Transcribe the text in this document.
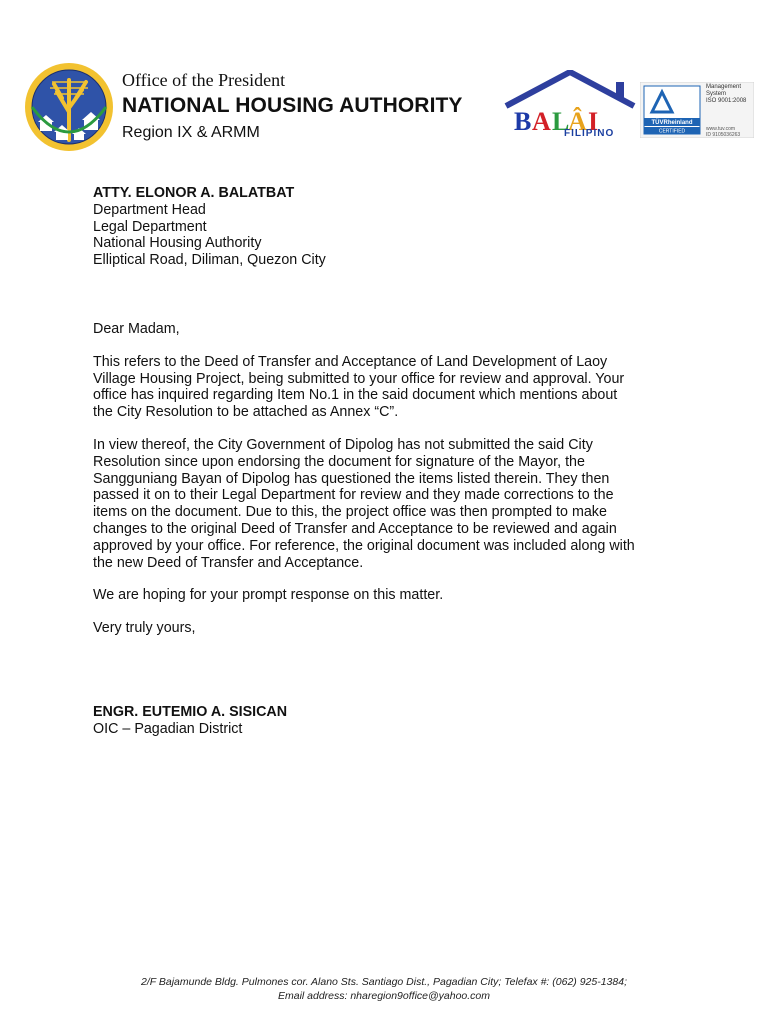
Office of the President
NATIONAL HOUSING AUTHORITY
Region IX & ARMM	B A L
Â I
FILIPINO
TÜVRheinland
CERTIFIED
Management
System
ISO 9001:2008
www.tuv.com
ID 9105036263
ATTY. ELONOR A. BALATBAT
Department Head
Legal Department
National Housing Authority
Elliptical Road, Diliman, Quezon City
Dear Madam,
This refers to the Deed of Transfer and Acceptance of Land Development of Laoy
Village Housing Project, being submitted to your office for review and approval. Your
office has inquired regarding Item No.1 in the said document which mentions about
the City Resolution to be attached as Annex “C”.
In view thereof, the City Government of Dipolog has not submitted the said City
Resolution since upon endorsing the document for signature of the Mayor, the
Sangguniang Bayan of Dipolog has questioned the items listed therein. They then
passed it on to their Legal Department for review and they made corrections to the
items on the document. Due to this, the project office was then prompted to make
changes to the original Deed of Transfer and Acceptance to be reviewed and again
approved by your office. For reference, the original document was included along with
the new Deed of Transfer and Acceptance.
We are hoping for your prompt response on this matter.
Very truly yours,
ENGR. EUTEMIO A. SISICAN
OIC – Pagadian District
2/F Bajamunde Bldg. Pulmones cor. Alano Sts. Santiago Dist., Pagadian City; Telefax #: (062) 925-1384;
Email address: nharegion9office@yahoo.com
